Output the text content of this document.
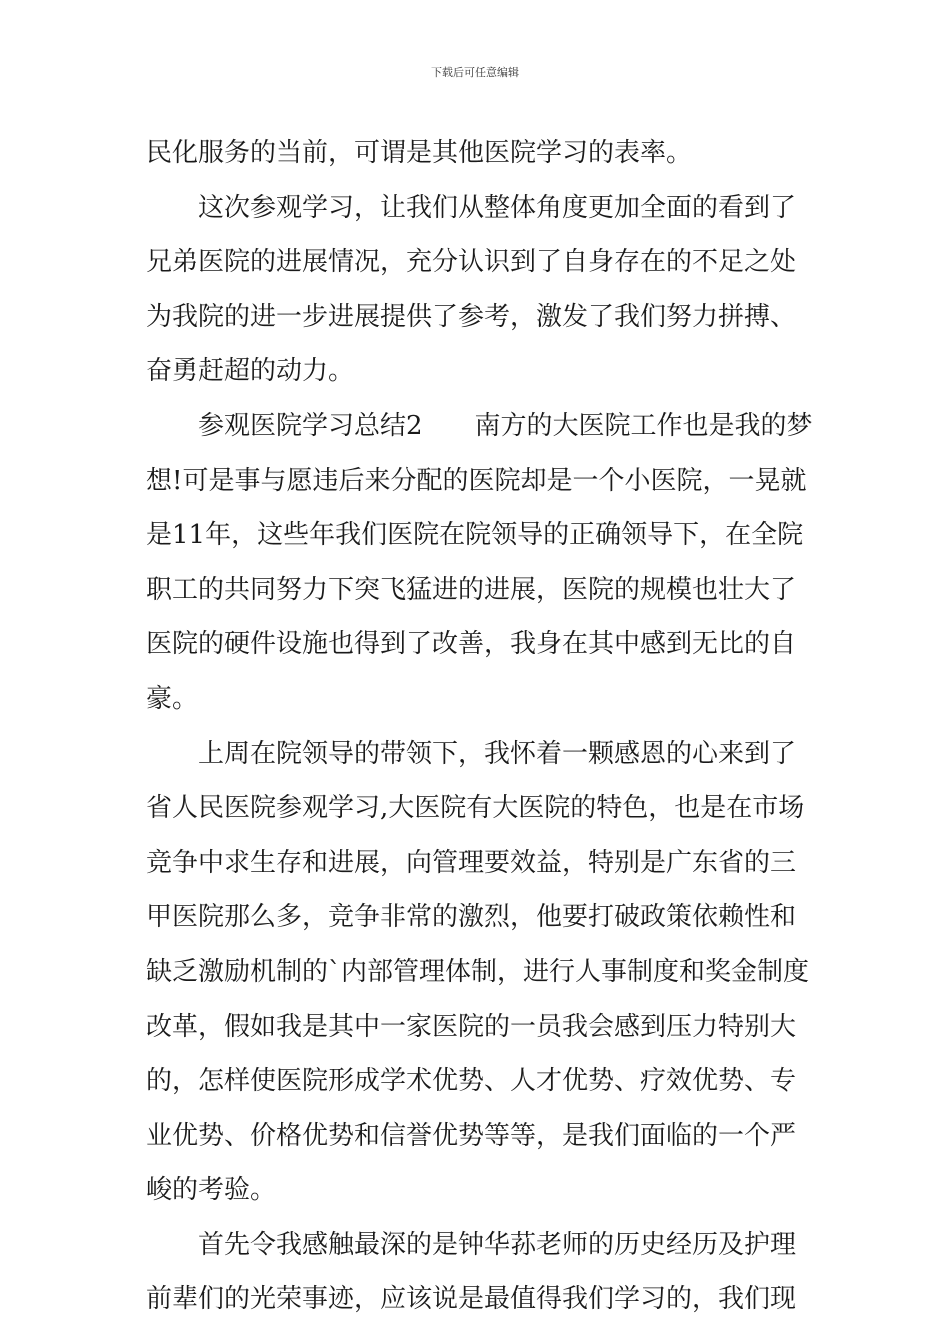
下载后可任意编辑
民化服务的当前，可谓是其他医院学习的表率。
这次参观学习，让我们从整体角度更加全面的看到了
兄弟医院的进展情况，充分认识到了自身存在的不足之处
为我院的进一步进展提供了参考，激发了我们努力拼搏、
奋勇赶超的动力。
参观医院学习总结2　　南方的大医院工作也是我的梦
想!可是事与愿违后来分配的医院却是一个小医院，一晃就
是11年，这些年我们医院在院领导的正确领导下，在全院
职工的共同努力下突飞猛进的进展，医院的规模也壮大了
医院的硬件设施也得到了改善，我身在其中感到无比的自
豪。
上周在院领导的带领下，我怀着一颗感恩的心来到了
省人民医院参观学习,大医院有大医院的特色，也是在市场
竞争中求生存和进展，向管理要效益，特别是广东省的三
甲医院那么多，竞争非常的激烈，他要打破政策依赖性和
缺乏激励机制的`内部管理体制，进行人事制度和奖金制度
改革，假如我是其中一家医院的一员我会感到压力特别大
的，怎样使医院形成学术优势、人才优势、疗效优势、专
业优势、价格优势和信誉优势等等，是我们面临的一个严
峻的考验。
首先令我感触最深的是钟华荪老师的历史经历及护理
前辈们的光荣事迹，应该说是最值得我们学习的，我们现
